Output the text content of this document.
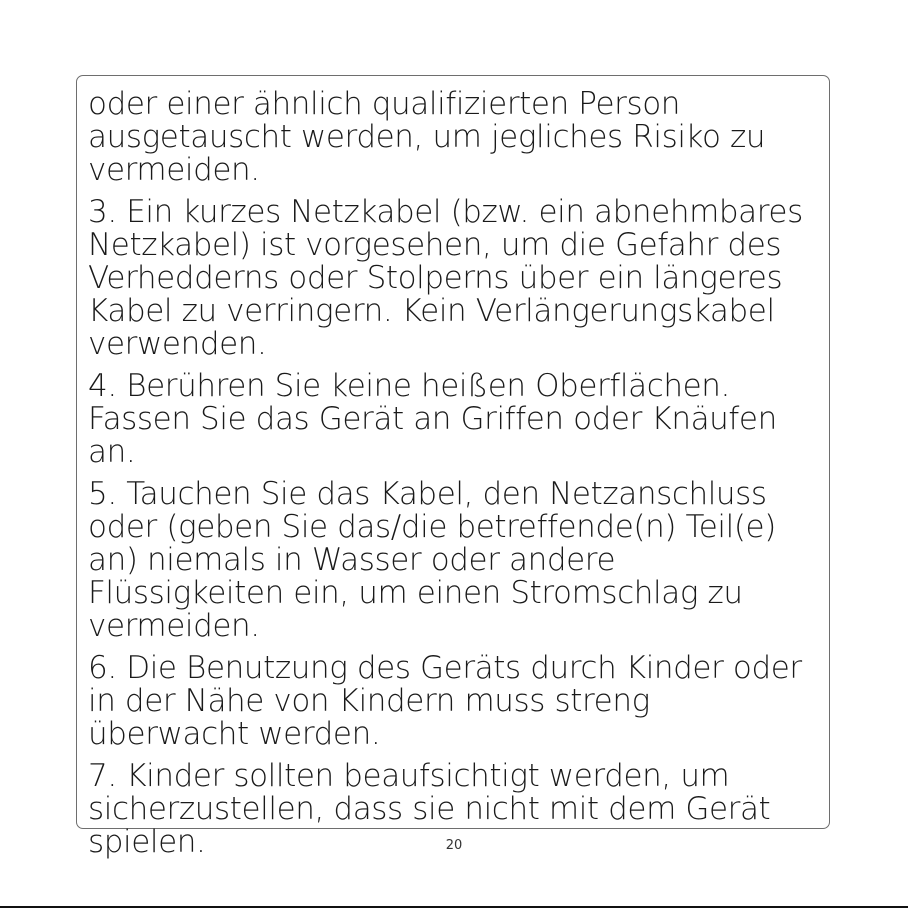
oder einer ähnlich qualifizierten Person ausgetauscht werden, um jegliches Risiko zu vermeiden.

3. Ein kurzes Netzkabel (bzw. ein abnehmbares Netzkabel) ist vorgesehen, um die Gefahr des Verhedderns oder Stolperns über ein längeres Kabel zu verringern. Kein Verlängerungskabel verwenden.

4. Berühren Sie keine heißen Oberflächen. Fassen Sie das Gerät an Griffen oder Knäufen an.

5. Tauchen Sie das Kabel, den Netzanschluss oder (geben Sie das/die betreffende(n) Teil(e) an) niemals in Wasser oder andere Flüssigkeiten ein, um einen Stromschlag zu vermeiden.

6. Die Benutzung des Geräts durch Kinder oder in der Nähe von Kindern muss streng überwacht werden.

7. Kinder sollten beaufsichtigt werden, um sicherzustellen, dass sie nicht mit dem Gerät spielen.	20
